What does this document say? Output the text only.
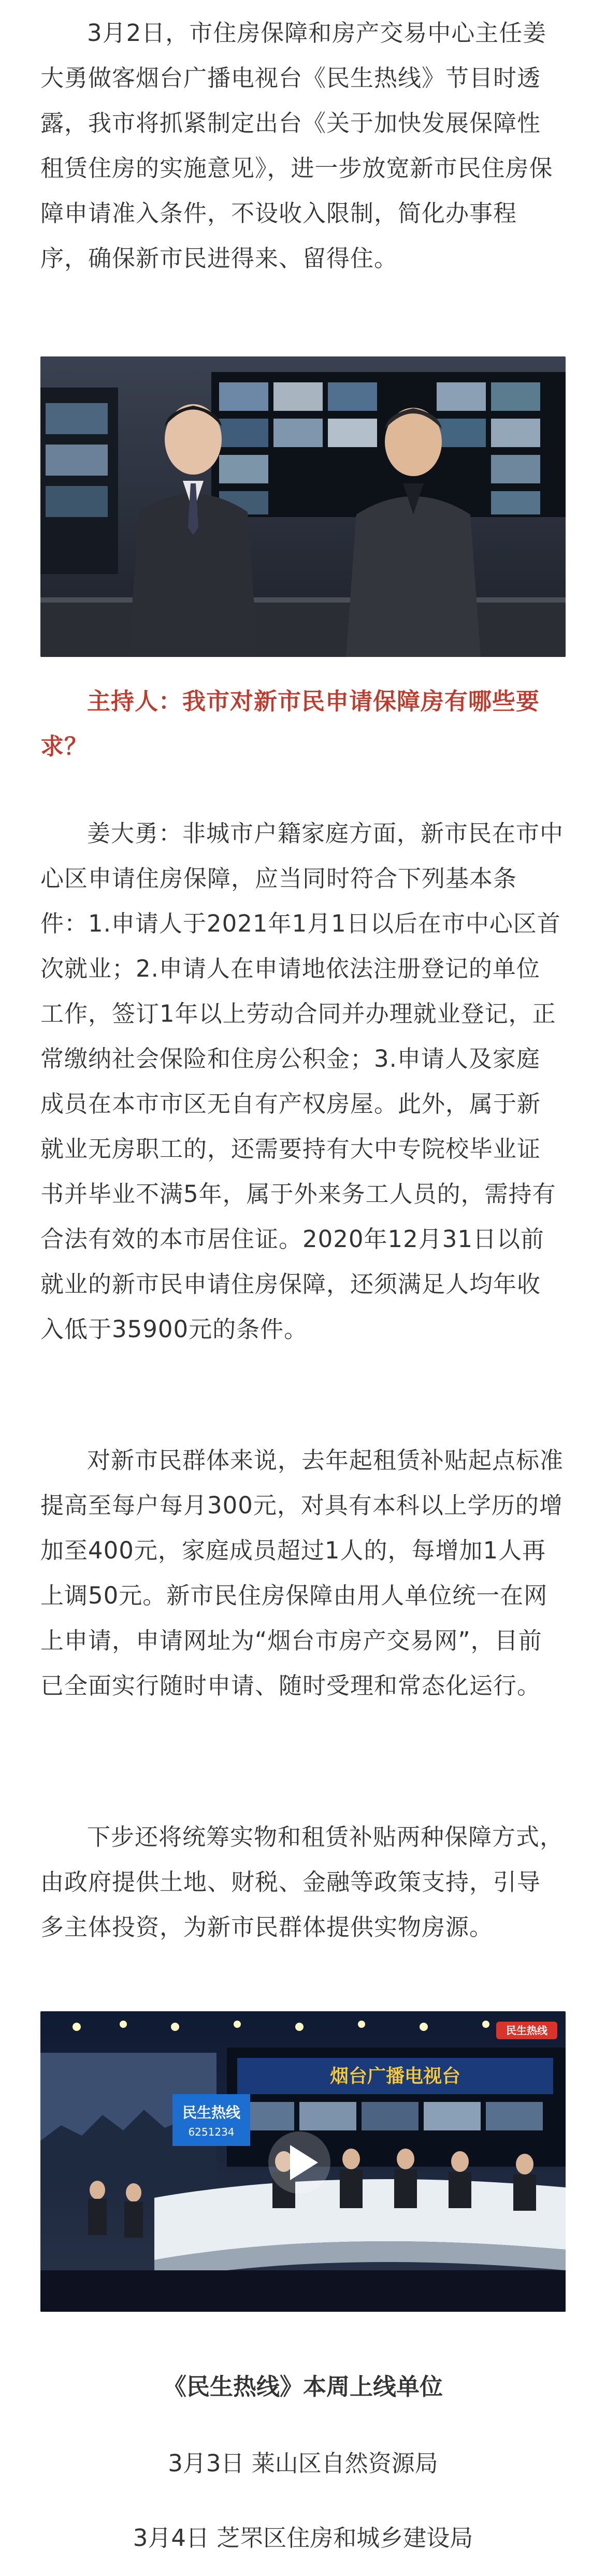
3月2日，市住房保障和房产交易中心主任姜大勇做客烟台广播电视台《民生热线》节目时透露，我市将抓紧制定出台《关于加快发展保障性租赁住房的实施意见》，进一步放宽新市民住房保障申请准入条件，不设收入限制，简化办事程序，确保新市民进得来、留得住。

主持人：我市对新市民申请保障房有哪些要求？

姜大勇：非城市户籍家庭方面，新市民在市中心区申请住房保障，应当同时符合下列基本条件：1.申请人于2021年1月1日以后在市中心区首次就业；2.申请人在申请地依法注册登记的单位工作，签订1年以上劳动合同并办理就业登记，正常缴纳社会保险和住房公积金；3.申请人及家庭成员在本市市区无自有产权房屋。此外，属于新就业无房职工的，还需要持有大中专院校毕业证书并毕业不满5年，属于外来务工人员的，需持有合法有效的本市居住证。2020年12月31日以前就业的新市民申请住房保障，还须满足人均年收入低于35900元的条件。

对新市民群体来说，去年起租赁补贴起点标准提高至每户每月300元，对具有本科以上学历的增加至400元，家庭成员超过1人的，每增加1人再上调50元。新市民住房保障由用人单位统一在网上申请，申请网址为“烟台市房产交易网”，目前已全面实行随时申请、随时受理和常态化运行。

下步还将统筹实物和租赁补贴两种保障方式，由政府提供土地、财税、金融等政策支持，引导多主体投资，为新市民群体提供实物房源。

烟台广播电视台
民生热线
民生热线
6251234

《民生热线》本周上线单位

3月3日 莱山区自然资源局

3月4日 芝罘区住房和城乡建设局
